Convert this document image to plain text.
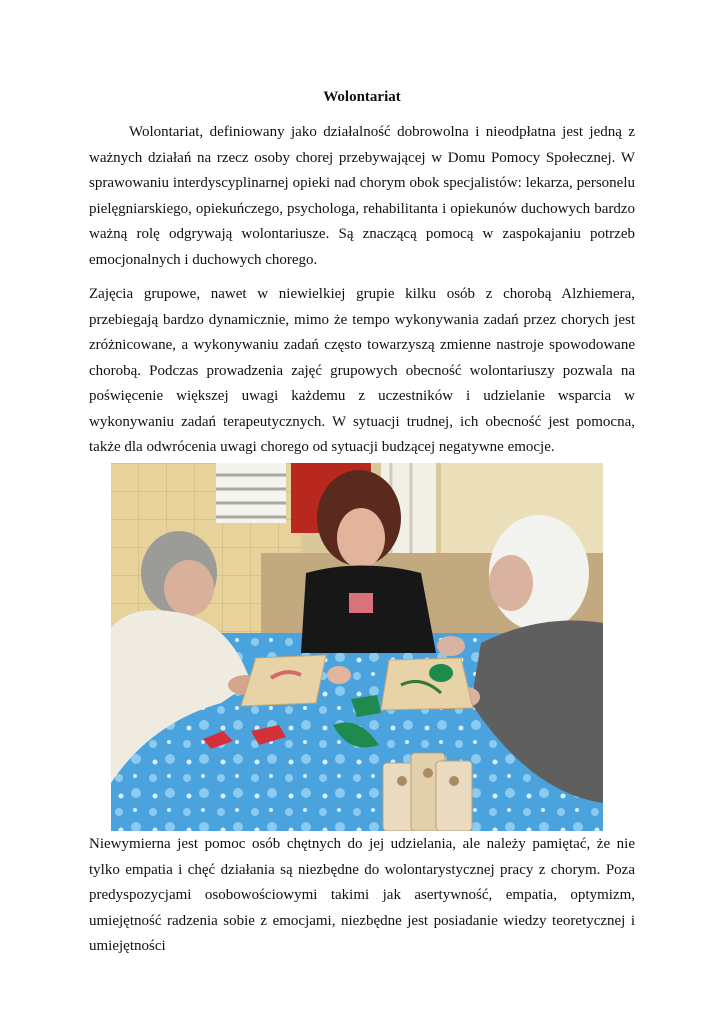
Wolontariat

Wolontariat, definiowany jako działalność dobrowolna i nieodpłatna jest jedną z ważnych działań na rzecz osoby chorej przebywającej w Domu Pomocy Społecznej. W sprawowaniu interdyscyplinarnej opieki nad chorym obok specjalistów: lekarza, personelu pielęgniarskiego, opiekuńczego, psychologa, rehabilitanta i opiekunów duchowych bardzo ważną rolę odgrywają wolontariusze. Są znaczącą pomocą w zaspokajaniu potrzeb emocjonalnych i duchowych chorego.

Zajęcia grupowe, nawet w niewielkiej grupie kilku osób z chorobą Alzhiemera, przebiegają bardzo dynamicznie, mimo że tempo wykonywania zadań przez chorych jest zróżnicowane, a wykonywaniu zadań często towarzyszą zmienne nastroje spowodowane chorobą. Podczas prowadzenia zajęć grupowych obecność wolontariuszy pozwala na poświęcenie większej uwagi każdemu z uczestników i udzielanie wsparcia w wykonywaniu zadań terapeutycznych. W sytuacji trudnej, ich obecność jest pomocna, także dla odwrócenia uwagi chorego od sytuacji budzącej negatywne emocje.

Niewymierna jest pomoc osób chętnych do jej udzielania, ale należy pamiętać, że nie tylko empatia i chęć działania są niezbędne do wolontarystycznej pracy z chorym. Poza predyspozycjami osobowościowymi takimi jak asertywność, empatia, optymizm, umiejętność radzenia sobie z emocjami, niezbędne jest posiadanie wiedzy teoretycznej i umiejętności
